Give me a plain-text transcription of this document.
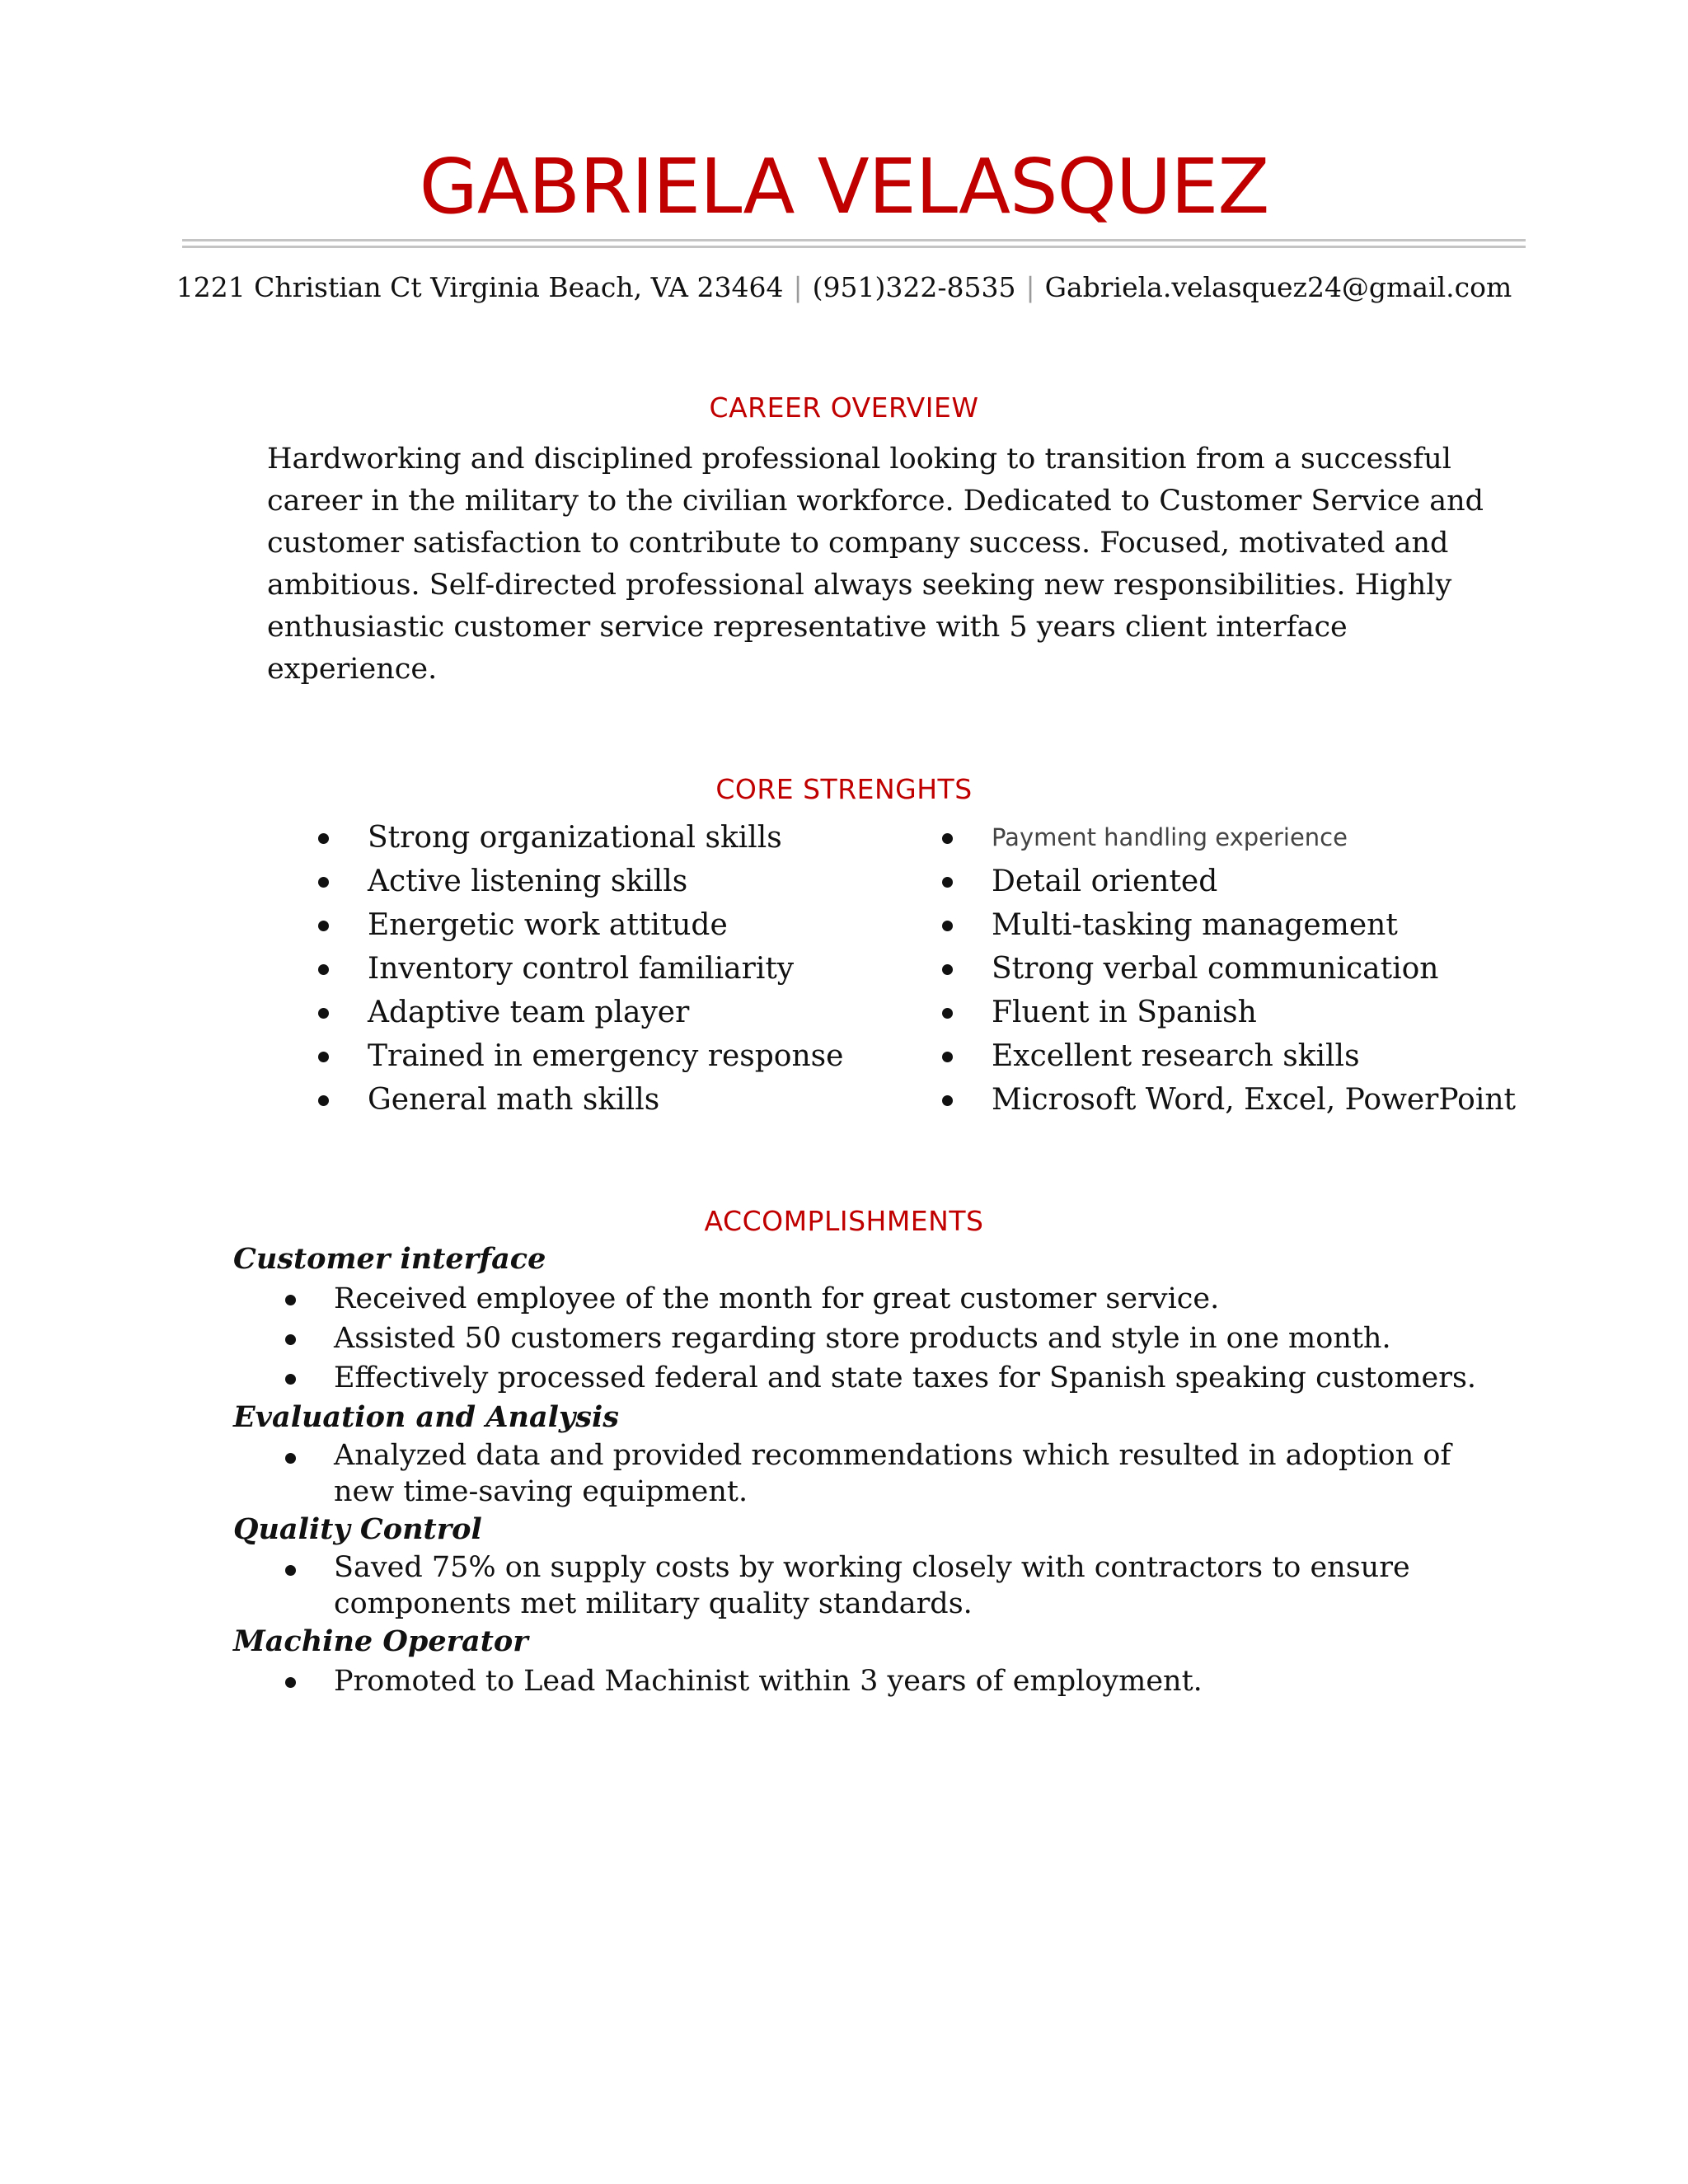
GABRIELA VELASQUEZ
1221 Christian Ct Virginia Beach, VA 23464 | (951)322-8535 | Gabriela.velasquez24@gmail.com
CAREER OVERVIEW
Hardworking and disciplined professional looking to transition from a successful
career in the military to the civilian workforce. Dedicated to Customer Service and
customer satisfaction to contribute to company success. Focused, motivated and
ambitious. Self-directed professional always seeking new responsibilities. Highly
enthusiastic customer service representative with 5 years client interface
experience.
CORE STRENGHTS
Strong organizational skills
Active listening skills
Energetic work attitude
Inventory control familiarity
Adaptive team player
Trained in emergency response
General math skills
Payment handling experience
Detail oriented
Multi-tasking management
Strong verbal communication
Fluent in Spanish
Excellent research skills
Microsoft Word, Excel, PowerPoint
ACCOMPLISHMENTS
Customer interface
Received employee of the month for great customer service.
Assisted 50 customers regarding store products and style in one month.
Effectively processed federal and state taxes for Spanish speaking customers.
Evaluation and Analysis
Analyzed data and provided recommendations which resulted in adoption of
new time-saving equipment.
Quality Control
Saved 75% on supply costs by working closely with contractors to ensure
components met military quality standards.
Machine Operator
Promoted to Lead Machinist within 3 years of employment.
